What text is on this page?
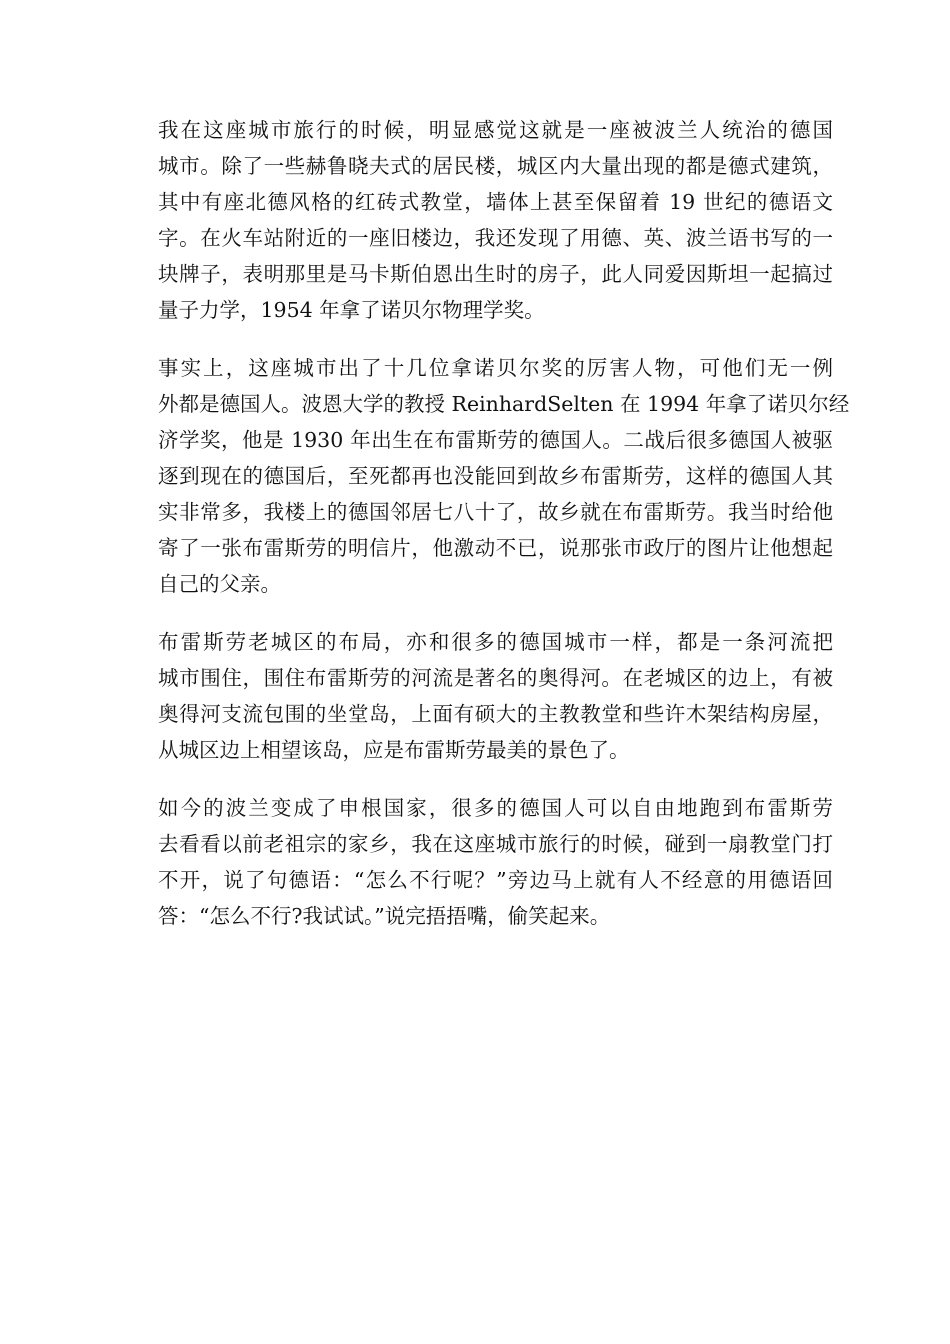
我在这座城市旅行的时候，明显感觉这就是一座被波兰人统治的德国
城市。除了一些赫鲁晓夫式的居民楼，城区内大量出现的都是德式建筑，
其中有座北德风格的红砖式教堂，墙体上甚至保留着 19 世纪的德语文
字。在火车站附近的一座旧楼边，我还发现了用德、英、波兰语书写的一
块牌子，表明那里是马卡斯伯恩出生时的房子，此人同爱因斯坦一起搞过
量子力学，1954 年拿了诺贝尔物理学奖。

事实上，这座城市出了十几位拿诺贝尔奖的厉害人物，可他们无一例
外都是德国人。波恩大学的教授 ReinhardSelten 在 1994 年拿了诺贝尔经
济学奖，他是 1930 年出生在布雷斯劳的德国人。二战后很多德国人被驱
逐到现在的德国后，至死都再也没能回到故乡布雷斯劳，这样的德国人其
实非常多，我楼上的德国邻居七八十了，故乡就在布雷斯劳。我当时给他
寄了一张布雷斯劳的明信片，他激动不已，说那张市政厅的图片让他想起
自己的父亲。

布雷斯劳老城区的布局，亦和很多的德国城市一样，都是一条河流把
城市围住，围住布雷斯劳的河流是著名的奥得河。在老城区的边上，有被
奥得河支流包围的坐堂岛，上面有硕大的主教教堂和些许木架结构房屋，
从城区边上相望该岛，应是布雷斯劳最美的景色了。

如今的波兰变成了申根国家，很多的德国人可以自由地跑到布雷斯劳
去看看以前老祖宗的家乡，我在这座城市旅行的时候，碰到一扇教堂门打
不开，说了句德语：“怎么不行呢？”旁边马上就有人不经意的用德语回
答：“怎么不行?我试试。”说完捂捂嘴，偷笑起来。
